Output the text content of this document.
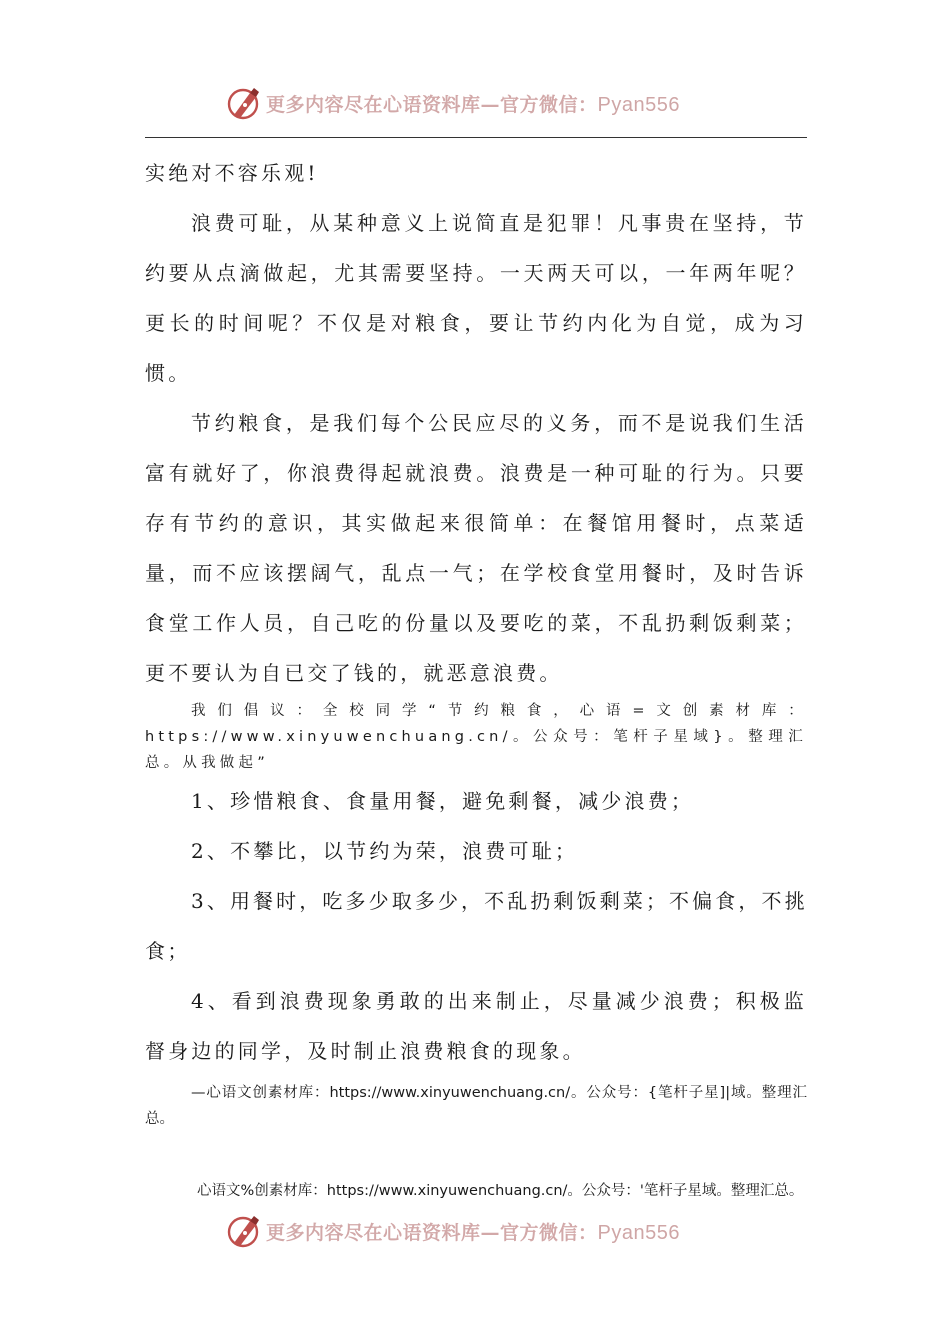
更多内容尽在心语资料库—官方微信：Pyan556

实绝对不容乐观!

浪费可耻，从某种意义上说简直是犯罪！凡事贵在坚持，节约要从点滴做起，尤其需要坚持。一天两天可以，一年两年呢？更长的时间呢？不仅是对粮食，要让节约内化为自觉，成为习惯。

节约粮食，是我们每个公民应尽的义务，而不是说我们生活富有就好了，你浪费得起就浪费。浪费是一种可耻的行为。只要存有节约的意识，其实做起来很简单：在餐馆用餐时，点菜适量，而不应该摆阔气，乱点一气；在学校食堂用餐时，及时告诉食堂工作人员，自己吃的份量以及要吃的菜，不乱扔剩饭剩菜；更不要认为自已交了钱的，就恶意浪费。

我们倡议：全校同学“节约粮食，心语=文创素材库：https://www.xinyuwenchuang.cn/。公众号：笔杆子星域}。整理汇总。从我做起”

1、珍惜粮食、食量用餐，避免剩餐，减少浪费；

2、不攀比，以节约为荣，浪费可耻；

3、用餐时，吃多少取多少，不乱扔剩饭剩菜；不偏食，不挑食；

4、看到浪费现象勇敢的出来制止，尽量减少浪费；积极监督身边的同学，及时制止浪费粮食的现象。

—心语文创素材库：https://www.xinyuwenchuang.cn/。公众号：{笔杆子星]|域。整理汇总。

心语文%创素材库：https://www.xinyuwenchuang.cn/。公众号：'笔杆子星域。整理汇总。

更多内容尽在心语资料库—官方微信：Pyan556
